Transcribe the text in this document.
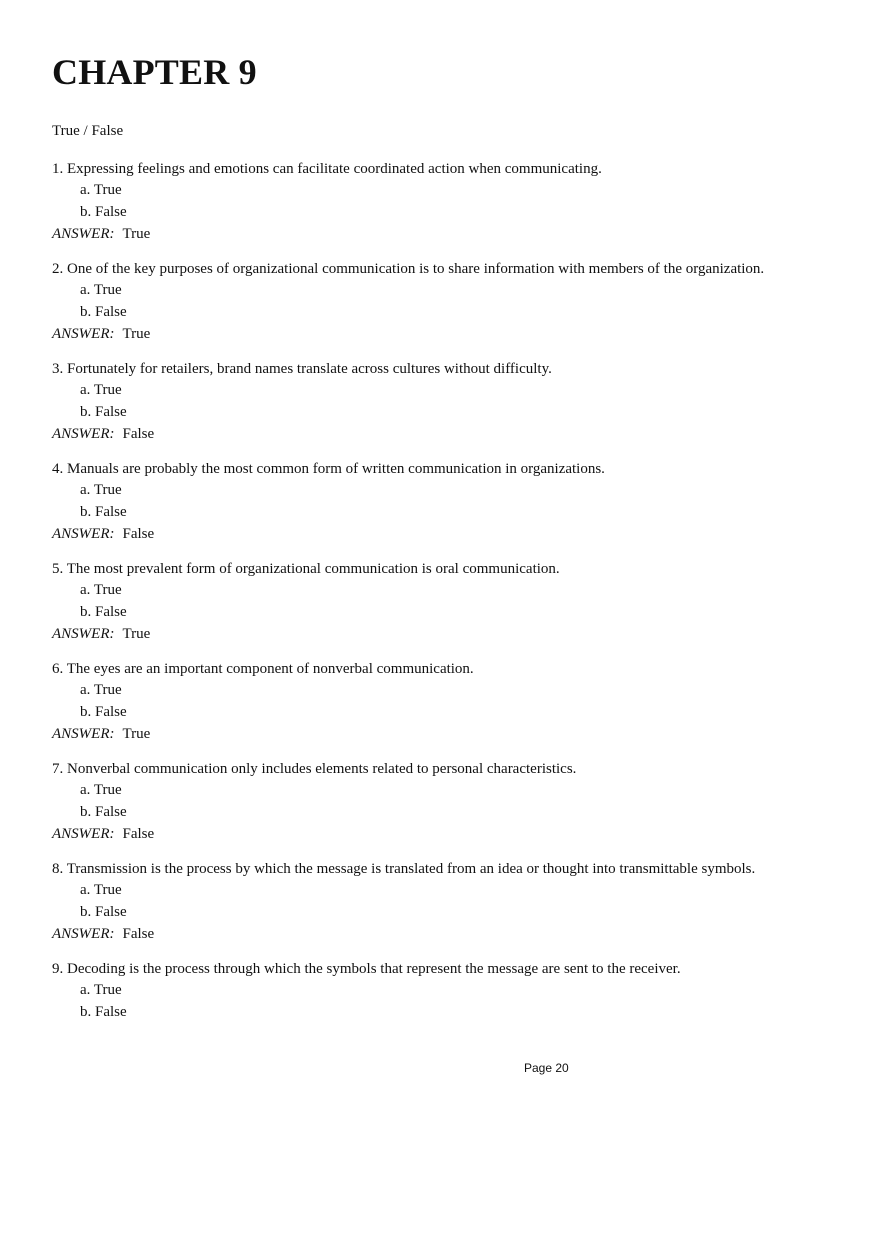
CHAPTER 9
True / False
1 . Expressing feelings and emotions can facilitate coordinated action when communicating.
a . True
b . False
ANSWER: True
2 . One of the key purposes of organizational communication is to share information with members of the organization.
a . True
b . False
ANSWER: True
3 . Fortunately for retailers, brand names translate across cultures without difficulty.
a . True
b . False
ANSWER: False
4 . Manuals are probably the most common form of written communication in organizations.
a . True
b . False
ANSWER: False
5 . The most prevalent form of organizational communication is oral communication.
a . True
b . False
ANSWER: True
6 . The eyes are an important component of nonverbal communication.
a . True
b . False
ANSWER: True
7 . Nonverbal communication only includes elements related to personal characteristics.
a . True
b . False
ANSWER: False
8 . Transmission is the process by which the message is translated from an idea or thought into transmittable symbols.
a . True
b . False
ANSWER: False
9 . Decoding is the process through which the symbols that represent the message are sent to the receiver.
a . True
b . False
Page 20
